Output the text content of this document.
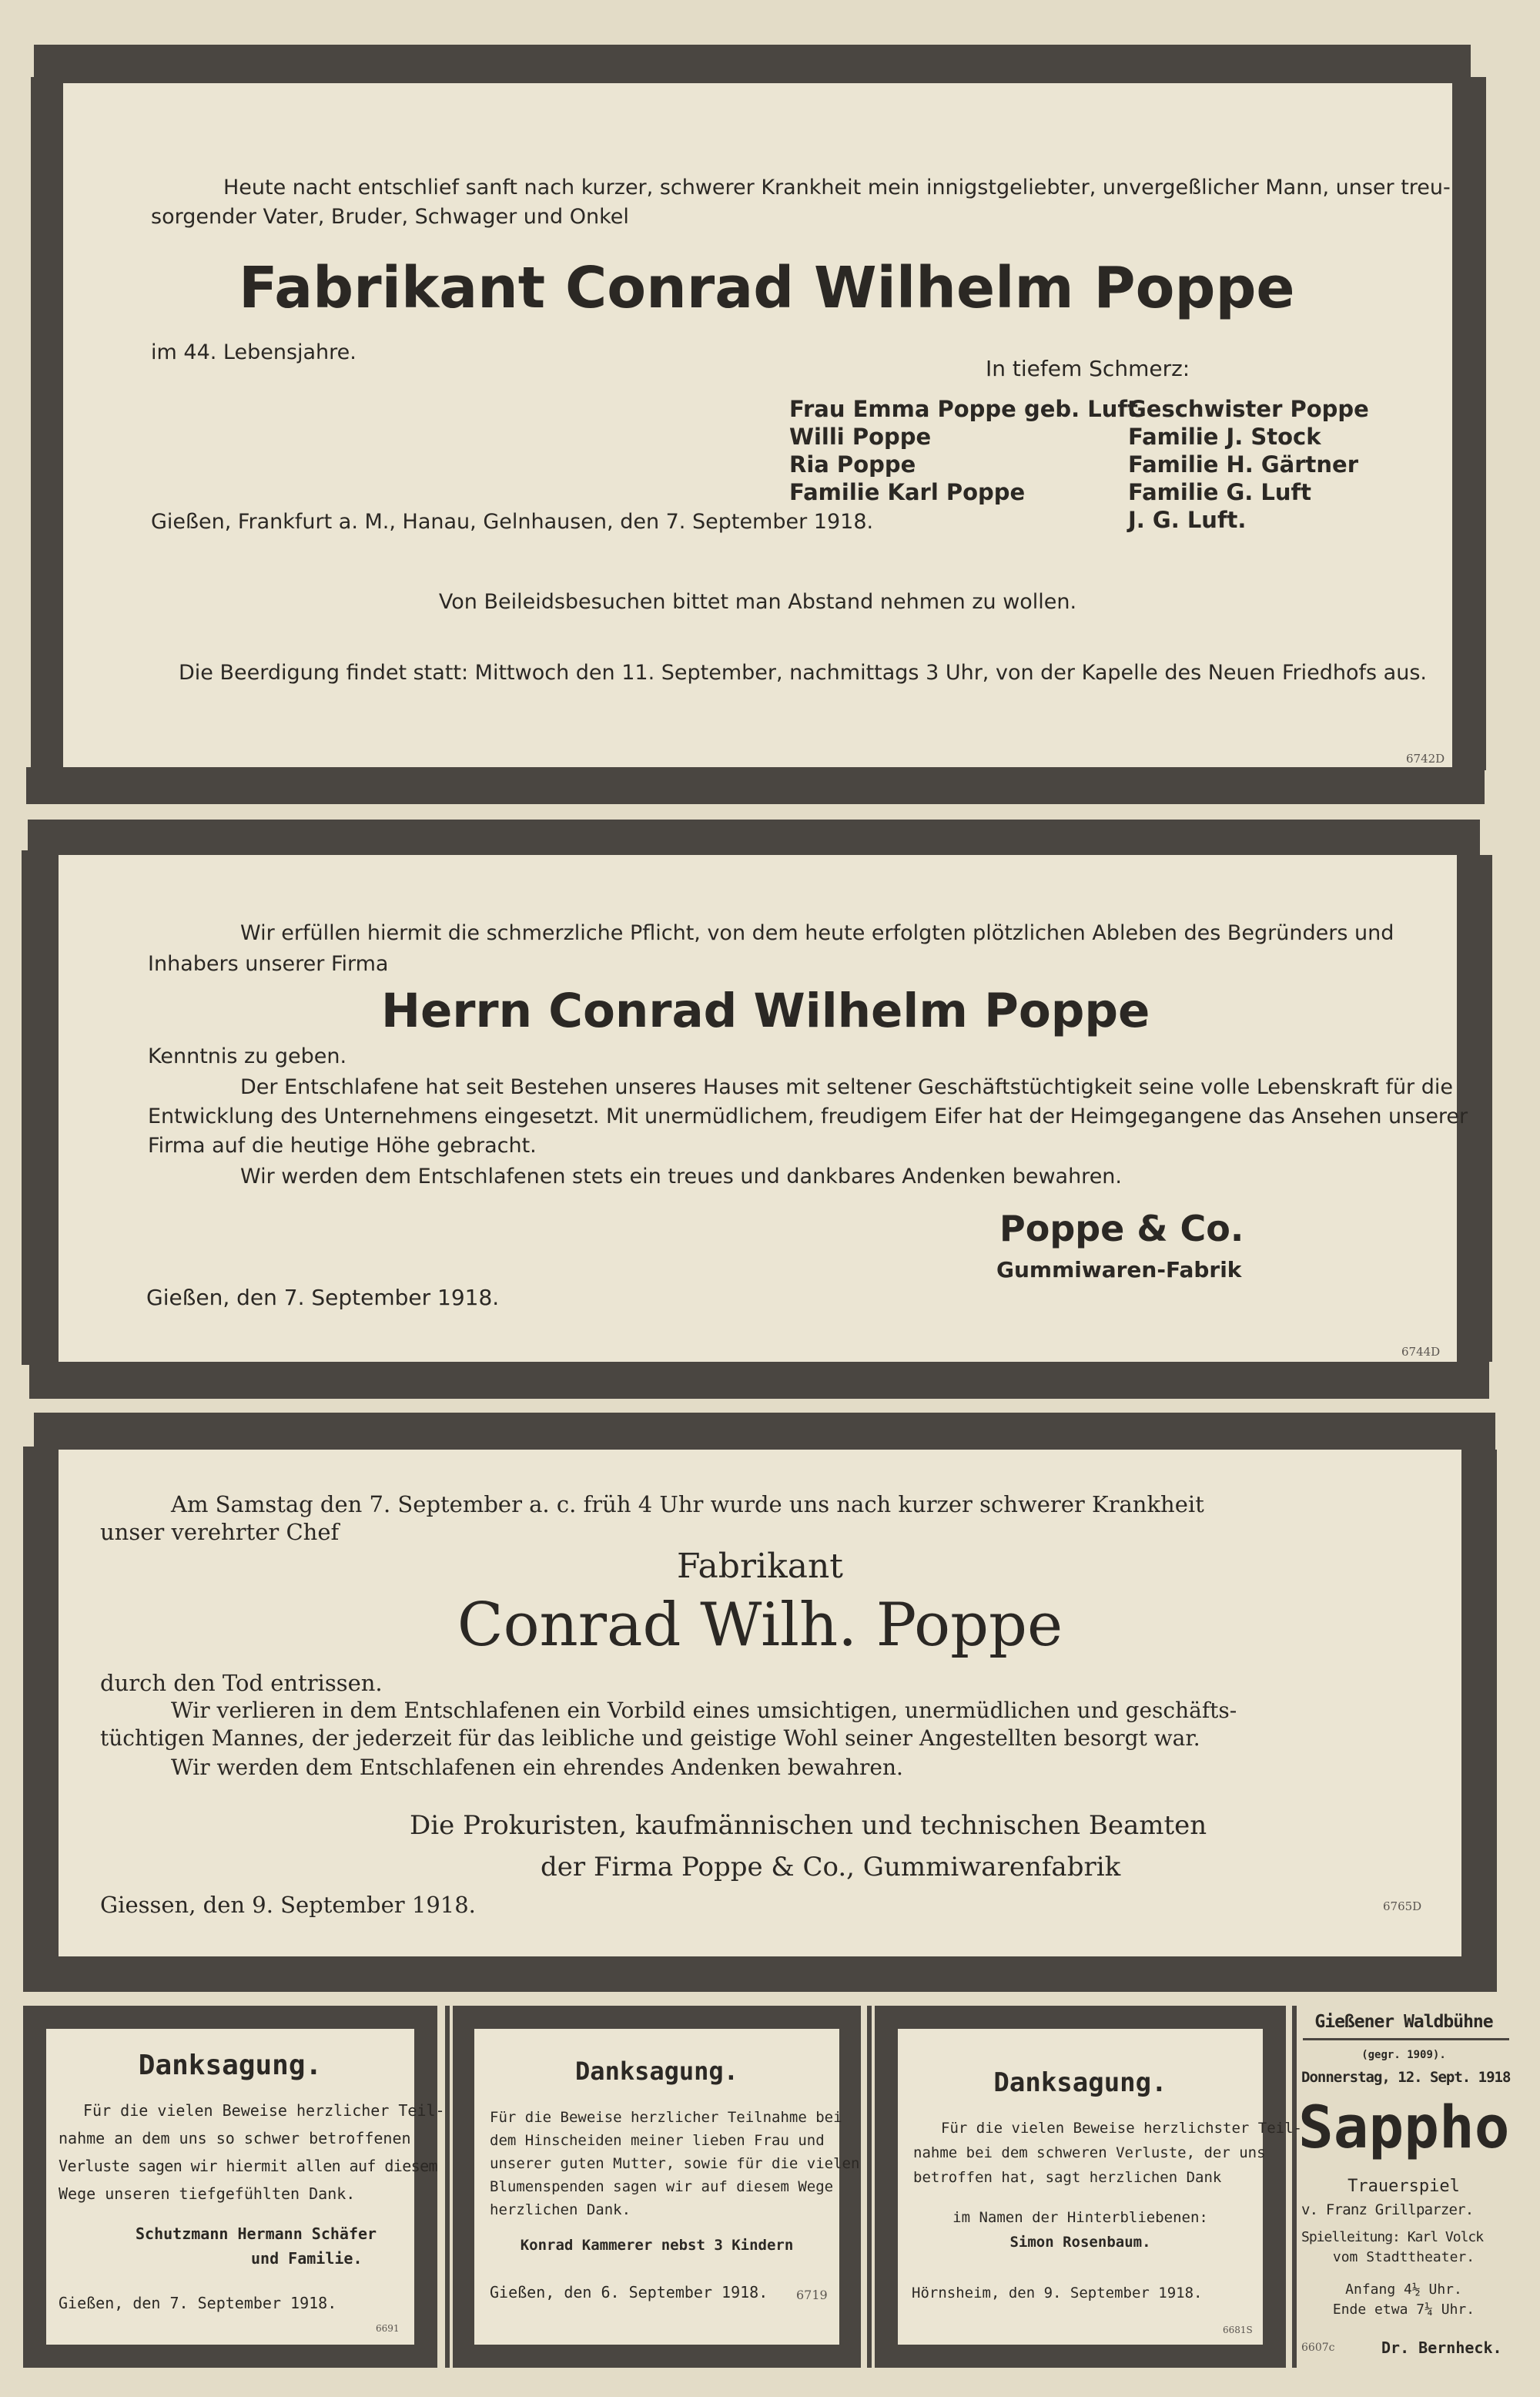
Heute nacht entschlief sanft nach kurzer, schwerer Krankheit mein innigstgeliebter, unvergeßlicher Mann, unser treu-
sorgender Vater, Bruder, Schwager und Onkel
Fabrikant Conrad Wilhelm Poppe
im 44. Lebensjahre.
In tiefem Schmerz:
Frau Emma Poppe geb. Luft
Willi Poppe
Ria Poppe
Familie Karl Poppe
Geschwister Poppe
Familie J. Stock
Familie H. Gärtner
Familie G. Luft
J. G. Luft.
Gießen, Frankfurt a. M., Hanau, Gelnhausen, den 7. September 1918.
Von Beileidsbesuchen bittet man Abstand nehmen zu wollen.
Die Beerdigung findet statt: Mittwoch den 11. September, nachmittags 3 Uhr, von der Kapelle des Neuen Friedhofs aus.
6742D
Wir erfüllen hiermit die schmerzliche Pflicht, von dem heute erfolgten plötzlichen Ableben des Begründers und
Inhabers unserer Firma
Herrn Conrad Wilhelm Poppe
Kenntnis zu geben.
Der Entschlafene hat seit Bestehen unseres Hauses mit seltener Geschäftstüchtigkeit seine volle Lebenskraft für die
Entwicklung des Unternehmens eingesetzt. Mit unermüdlichem, freudigem Eifer hat der Heimgegangene das Ansehen unserer
Firma auf die heutige Höhe gebracht.
Wir werden dem Entschlafenen stets ein treues und dankbares Andenken bewahren.
Poppe & Co.
Gummiwaren-Fabrik
Gießen, den 7. September 1918.
6744D
Am Samstag den 7. September a. c. früh 4 Uhr wurde uns nach kurzer schwerer Krankheit
unser verehrter Chef
Fabrikant
Conrad Wilh. Poppe
durch den Tod entrissen.
Wir verlieren in dem Entschlafenen ein Vorbild eines umsichtigen, unermüdlichen und geschäfts-
tüchtigen Mannes, der jederzeit für das leibliche und geistige Wohl seiner Angestellten besorgt war.
Wir werden dem Entschlafenen ein ehrendes Andenken bewahren.
Die Prokuristen, kaufmännischen und technischen Beamten
der Firma Poppe & Co., Gummiwarenfabrik
Giessen, den 9. September 1918.	6765D
Danksagung.
Für die vielen Beweise herzlicher Teil-
nahme an dem uns so schwer betroffenen
Verluste sagen wir hiermit allen auf diesem
Wege unseren tiefgefühlten Dank.
Schutzmann Hermann Schäfer
und Familie.
Gießen, den 7. September 1918.
6691
Danksagung.
Für die Beweise herzlicher Teilnahme bei
dem Hinscheiden meiner lieben Frau und
unserer guten Mutter, sowie für die vielen
Blumenspenden sagen wir auf diesem Wege
herzlichen Dank.
Konrad Kammerer nebst 3 Kindern
Gießen, den 6. September 1918. 6719
Danksagung.
Für die vielen Beweise herzlichster Teil-
nahme bei dem schweren Verluste, der uns
betroffen hat, sagt herzlichen Dank
im Namen der Hinterbliebenen:
Simon Rosenbaum.
Hörnsheim, den 9. September 1918.
6681S
Gießener Waldbühne
(gegr. 1909).
Donnerstag, 12. Sept. 1918
Sappho
Trauerspiel
v. Franz Grillparzer.
Spielleitung: Karl Volck
vom Stadttheater.
Anfang 4½ Uhr.
Ende etwa 7¼ Uhr.
6607c	Dr. Bernheck.
